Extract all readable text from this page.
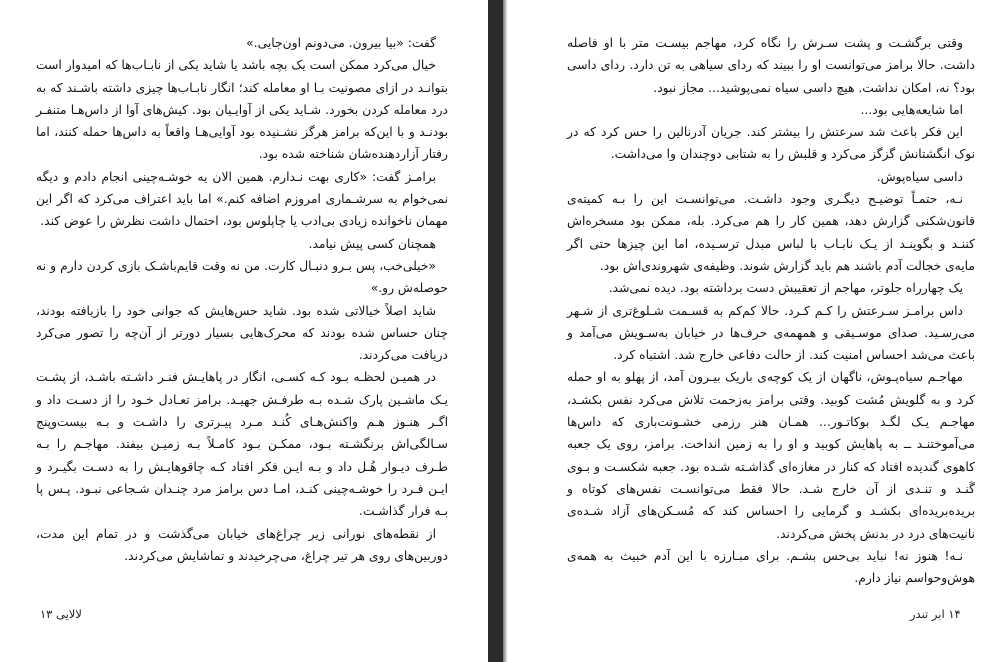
گفت: «بیا بیرون. می‌دونم اون‌جایی.»

خیال می‌کرد ممکن است یک بچه باشد یا شاید یکی از نابـاب‌ها که امیدوار است بتوانـد در ازای مصونیت بـا او معامله کند؛ انگار نابـاب‌ها چیزی داشته باشـند که به درد معامله کردن بخورد. شـاید یکی از آوایـیان بود. کیش‌های آوا از داس‌هـا متنفـر بودنـد و با این‌که برامز هرگز نشـنیده بود آوایی‌هـا واقعاً به داس‌ها حمله کنند، اما رفتار آزاردهنده‌شان شناخته شده بود.

برامـز گفت: «کاری بهت نـدارم. همین الان یه خوشـه‌چینی انجام دادم و دیگه نمی‌خوام به سرشـماری امروزم اضافه کنم.» اما باید اعتراف می‌کرد که اگر این مهمان ناخوانده زیادی بی‌ادب یا چاپلوس بود، احتمال داشت نظرش را عوض کند.

همچنان کسی پیش نیامد.

«خیلی‌خب، پس بـرو دنبـال کارت. من نه وقت قایم‌باشـک بازی کردن دارم و نه حوصله‌ش رو.»

شاید اصلاً خیالاتی شده بود. شاید حس‌هایش که جوانی خود را بازیافته بودند، چنان حساس شده بودند که محرک‌هایی بسیار دورتر از آن‌چه را تصور می‌کرد دریافت می‌کردند.

در همیـن لحظـه بـود کـه کسـی، انگار در پاهایـش فنـر داشـته باشـد، از پشـت یـک ماشـین پارک شـده بـه طرفـش جهیـد. برامز تعـادل خـود را از دسـت داد و اگـر هنـوز هـم واکنش‌هـای کُنـد مـرد پیـرتری را داشـت و بـه بیست‌وپنج سـالگی‌اش برنگشـته بـود، ممکـن بـود کامـلاً بـه زمیـن بیفتد. مهاجـم را بـه طـرف دیـوار هُـل داد و بـه ایـن فکر افتاد کـه چاقوهایـش را به دسـت بگیـرد و ایـن فـرد را خوشـه‌چینی کنـد، امـا دس برامز مرد چنـدان شـجاعی نبـود. پـس پا بـه فرار گذاشـت.

از نقطه‌های نورانی زیر چراغ‌های خیابان می‌گذشت و در تمام این مدت، دوربین‌های روی هر تیر چراغ، می‌چرخیدند و تماشایش می‌کردند.

وقتی برگشـت و پشت سـرش را نگاه کرد، مهاجم بیسـت متر با او فاصله داشت. حالا برامز می‌توانست او را ببیند که ردای سیاهی به تن دارد. ردای داسی بود؟ نه، امکان نداشت. هیچ داسی سیاه نمی‌پوشید... مجاز نبود.

اما شایعه‌هایی بود...

این فکر باعث شد سرعتش را بیشتر کند. جریان آدرنالین را حس کرد که در نوک انگشتانش گزگز می‌کرد و قلبش را به شتابی دوچندان وا می‌داشت.

داسی سیاه‌پوش.

نـه، حتمـاً توضیـح دیگـری وجود داشـت. می‌توانسـت این را بـه کمیته‌ی قانون‌شکنی گزارش دهد، همین کار را هم می‌کرد. بله، ممکن بود مسخره‌اش کننـد و بگوینـد از یـک نابـاب با لباس مبدل ترسـیده، اما این چیزها حتی اگر مایه‌ی خجالت آدم باشند هم باید گزارش شوند. وظیفه‌ی شهروندی‌اش بود.

یک چهارراه جلوتر، مهاجم از تعقیبش دست برداشته بود. دیده نمی‌شد.

داس برامـز سـرعتش را کـم کـرد. حالا کم‌کم به قسـمت شـلوغ‌تری از شـهر می‌رسـید. صدای موسـیقی و همهمه‌ی حرف‌ها در خیابان به‌سـویش می‌آمد و باعث می‌شد احساس امنیت کند. از حالت دفاعی خارج شد. اشتباه کرد.

مهاجـم سیاه‌پـوش، ناگهان از یک کوچه‌ی باریک بیـرون آمد، از پهلو به او حمله کرد و به گلویش مُشت کوبید. وقتی برامز به‌زحمت تلاش می‌کرد نفس بکشـد، مهاجـم یـک لگـد بوکاتـور... همـان هنر رزمی خشـونت‌باری که داس‌ها می‌آموختنـد ــ به پاهایش کوبید و او را به زمین انداخت. برامز، روی یک جعبه کاهوی گندیده افتاد که کنار در مغازه‌ای گذاشـته شـده بود. جعبه شکسـت و بـوی گَنـد و تنـدی از آن خارج شـد. حالا فقط می‌توانسـت نفس‌های کوتاه و بریده‌بریده‌ای بکشـد و گرمایی را احساس کند که مُسـکن‌های آزاد شـده‌ی نانیت‌های درد در بدنش پخش می‌کردند.

نـه! هنوز نه! نباید بی‌حس بشـم. برای مبـارزه با این آدم خبیث به همه‌ی هوش‌وحواسم نیاز دارم.

لالایی ۱۳	۱۴ ابر تندر
